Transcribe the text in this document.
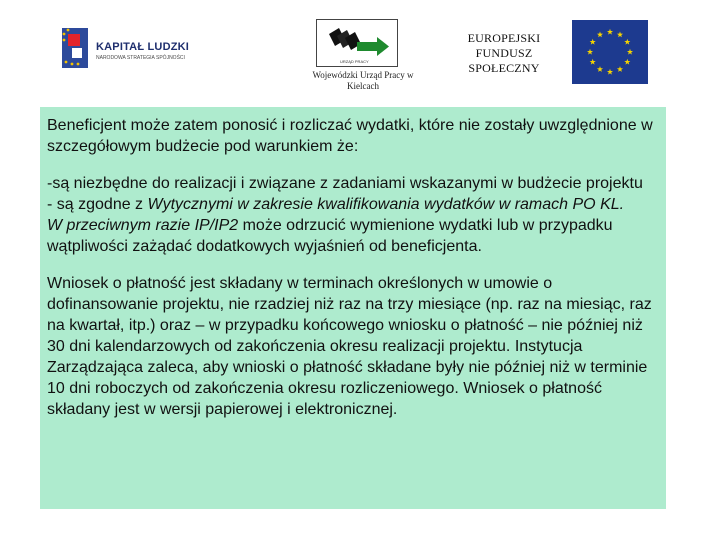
KAPITAŁ LUDZKI
NARODOWA STRATEGIA SPÓJNOŚCI
URZĄD PRACY
Wojewódzki Urząd Pracy w Kielcach
EUROPEJSKI
FUNDUSZ
SPOŁECZNY

Beneficjent może zatem ponosić i rozliczać wydatki, które nie zostały uwzględnione w szczegółowym budżecie pod warunkiem że:

-są niezbędne do realizacji i związane z zadaniami wskazanymi w budżecie projektu

- są zgodne z Wytycznymi w zakresie kwalifikowania wydatków w ramach PO KL.

W przeciwnym razie IP/IP2 może odrzucić wymienione wydatki lub w przypadku wątpliwości zażądać dodatkowych wyjaśnień od beneficjenta.

Wniosek o płatność jest składany w terminach określonych w umowie o dofinansowanie projektu, nie rzadziej niż raz na trzy miesiące (np. raz na miesiąc, raz na kwartał, itp.) oraz – w przypadku końcowego wniosku o płatność – nie później niż 30 dni kalendarzowych od zakończenia okresu realizacji projektu. Instytucja Zarządzająca zaleca, aby wnioski o płatność składane były nie później niż w terminie 10 dni roboczych od zakończenia okresu rozliczeniowego. Wniosek o płatność składany jest w wersji papierowej i elektronicznej.
